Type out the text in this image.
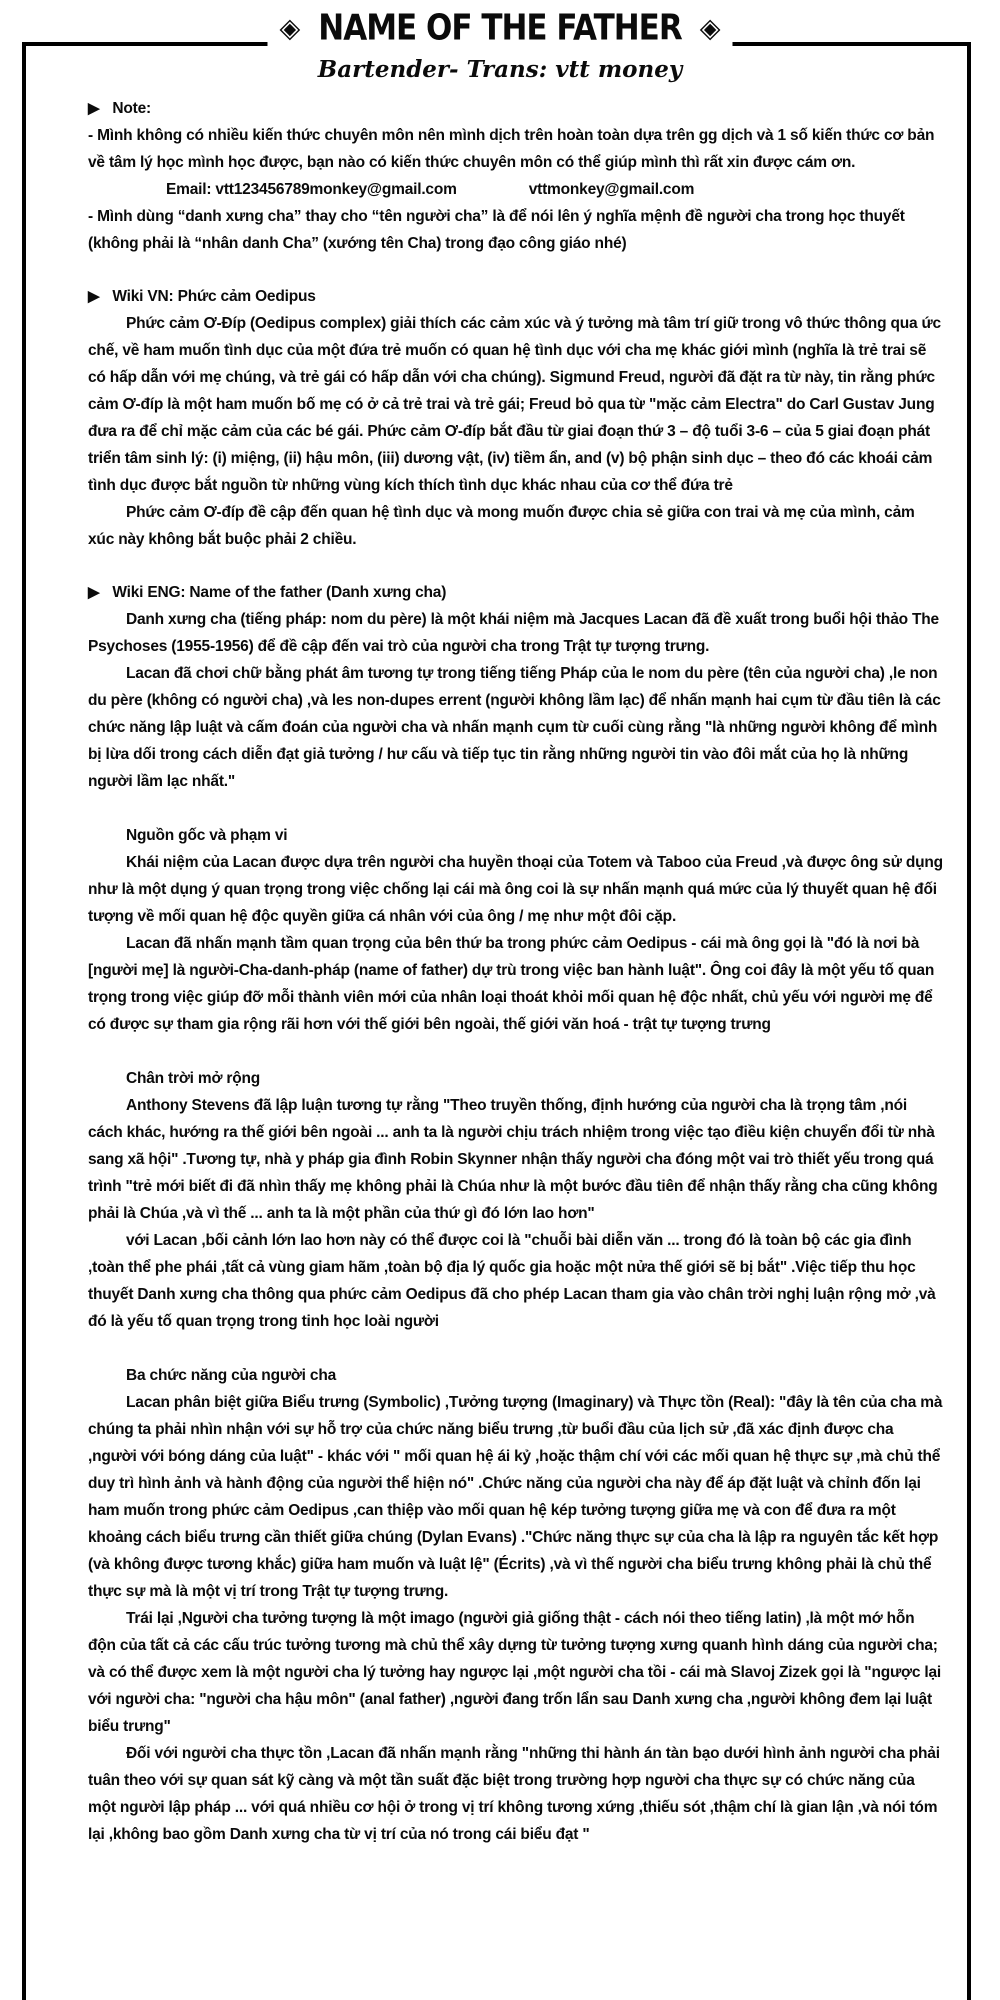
◈ NAME OF THE FATHER ◈
Bartender- Trans: vtt money
▶ Note:

- Mình không có nhiều kiến thức chuyên môn nên mình dịch trên hoàn toàn dựa trên gg dịch và 1 số kiến thức cơ bản về tâm lý học mình học được, bạn nào có kiến thức chuyên môn có thể giúp mình thì rất xin được cám ơn.

Email: vtt123456789monkey@gmail.com	vttmonkey@gmail.com

- Mình dùng “danh xưng cha” thay cho “tên người cha” là để nói lên ý nghĩa mệnh đề người cha trong học thuyết (không phải là “nhân danh Cha” (xướng tên Cha) trong đạo công giáo nhé)

▶ Wiki VN: Phức cảm Oedipus

Phức cảm Ơ-Đíp (Oedipus complex) giải thích các cảm xúc và ý tưởng mà tâm trí giữ trong vô thức thông qua ức chế, về ham muốn tình dục của một đứa trẻ muốn có quan hệ tình dục với cha mẹ khác giới mình (nghĩa là trẻ trai sẽ có hấp dẫn với mẹ chúng, và trẻ gái có hấp dẫn với cha chúng). Sigmund Freud, người đã đặt ra từ này, tin rằng phức cảm Ơ-đíp là một ham muốn bố mẹ có ở cả trẻ trai và trẻ gái; Freud bỏ qua từ "mặc cảm Electra" do Carl Gustav Jung đưa ra để chỉ mặc cảm của các bé gái. Phức cảm Ơ-đíp bắt đầu từ giai đoạn thứ 3 – độ tuổi 3-6 – của 5 giai đoạn phát triển tâm sinh lý: (i) miệng, (ii) hậu môn, (iii) dương vật, (iv) tiềm ẩn, and (v) bộ phận sinh dục – theo đó các khoái cảm tình dục được bắt nguồn từ những vùng kích thích tình dục khác nhau của cơ thể đứa trẻ

Phức cảm Ơ-đíp đề cập đến quan hệ tình dục và mong muốn được chia sẻ giữa con trai và mẹ của mình, cảm xúc này không bắt buộc phải 2 chiều.

▶ Wiki ENG: Name of the father (Danh xưng cha)

Danh xưng cha (tiếng pháp: nom du père) là một khái niệm mà Jacques Lacan đã đề xuất trong buổi hội thảo The Psychoses (1955-1956) để đề cập đến vai trò của người cha trong Trật tự tượng trưng.

Lacan đã chơi chữ bằng phát âm tương tự trong tiếng tiếng Pháp của le nom du père (tên của người cha) ,le non du père (không có người cha) ,và les non-dupes errent (người không lầm lạc) để nhấn mạnh hai cụm từ đầu tiên là các chức năng lập luật và cấm đoán của người cha và nhấn mạnh cụm từ cuối cùng rằng "là những người không để mình bị lừa dối trong cách diễn đạt giả tưởng / hư cấu và tiếp tục tin rằng những người tin vào đôi mắt của họ là những người lầm lạc nhất."

Nguồn gốc và phạm vi

Khái niệm của Lacan được dựa trên người cha huyền thoại của Totem và Taboo của Freud ,và được ông sử dụng như là một dụng ý quan trọng trong việc chống lại cái mà ông coi là sự nhấn mạnh quá mức của lý thuyết quan hệ đối tượng về mối quan hệ độc quyền giữa cá nhân với của ông / mẹ như một đôi cặp.

Lacan đã nhấn mạnh tầm quan trọng của bên thứ ba trong phức cảm Oedipus - cái mà ông gọi là "đó là nơi bà [người mẹ] là người-Cha-danh-pháp (name of father) dự trù trong việc ban hành luật". Ông coi đây là một yếu tố quan trọng trong việc giúp đỡ mỗi thành viên mới của nhân loại thoát khỏi mối quan hệ độc nhất, chủ yếu với người mẹ để có được sự tham gia rộng rãi hơn với thế giới bên ngoài, thế giới văn hoá - trật tự tượng trưng

Chân trời mở rộng

Anthony Stevens đã lập luận tương tự rằng "Theo truyền thống, định hướng của người cha là trọng tâm ,nói cách khác, hướng ra thế giới bên ngoài ... anh ta là người chịu trách nhiệm trong việc tạo điều kiện chuyển đổi từ nhà sang xã hội" .Tương tự, nhà y pháp gia đình Robin Skynner nhận thấy người cha đóng một vai trò thiết yếu trong quá trình "trẻ mới biết đi đã nhìn thấy mẹ không phải là Chúa như là một bước đầu tiên để nhận thấy rằng cha cũng không phải là Chúa ,và vì thế ... anh ta là một phần của thứ gì đó lớn lao hơn"

với Lacan ,bối cảnh lớn lao hơn này có thể được coi là "chuỗi bài diễn văn ... trong đó là toàn bộ các gia đình ,toàn thể phe phái ,tất cả vùng giam hãm ,toàn bộ địa lý quốc gia hoặc một nửa thế giới sẽ bị bắt" .Việc tiếp thu học thuyết Danh xưng cha thông qua phức cảm Oedipus đã cho phép Lacan tham gia vào chân trời nghị luận rộng mở ,và đó là yếu tố quan trọng trong tinh học loài người

Ba chức năng của người cha

Lacan phân biệt giữa Biểu trưng (Symbolic) ,Tưởng tượng (Imaginary) và Thực tồn (Real): "đây là tên của cha mà chúng ta phải nhìn nhận với sự hỗ trợ của chức năng biểu trưng ,từ buổi đầu của lịch sử ,đã xác định được cha ,người với bóng dáng của luật" - khác với " mối quan hệ ái kỷ ,hoặc thậm chí với các mối quan hệ thực sự ,mà chủ thể duy trì hình ảnh và hành động của người thể hiện nó" .Chức năng của người cha này để áp đặt luật và chỉnh đốn lại ham muốn trong phức cảm Oedipus ,can thiệp vào mối quan hệ kép tưởng tượng giữa mẹ và con để đưa ra một khoảng cách biểu trưng cần thiết giữa chúng (Dylan Evans) ."Chức năng thực sự của cha là lập ra nguyên tắc kết hợp (và không được tương khắc) giữa ham muốn và luật lệ" (Écrits) ,và vì thế người cha biểu trưng không phải là chủ thể thực sự mà là một vị trí trong Trật tự tượng trưng.

Trái lại ,Người cha tưởng tượng là một imago (người giả giống thật - cách nói theo tiếng latin) ,là một mớ hỗn độn của tất cả các cấu trúc tưởng tương mà chủ thể xây dựng từ tưởng tượng xưng quanh hình dáng của người cha; và có thể được xem là một người cha lý tưởng hay ngược lại ,một người cha tồi - cái mà Slavoj Zizek gọi là "ngược lại với người cha: "người cha hậu môn" (anal father) ,người đang trốn lẩn sau Danh xưng cha ,người không đem lại luật biểu trưng"

Đối với người cha thực tồn ,Lacan đã nhấn mạnh rằng "những thi hành án tàn bạo dưới hình ảnh người cha phải tuân theo với sự quan sát kỹ càng và một tần suất đặc biệt trong trường hợp người cha thực sự có chức năng của một người lập pháp ... với quá nhiều cơ hội ở trong vị trí không tương xứng ,thiếu sót ,thậm chí là gian lận ,và nói tóm lại ,không bao gồm Danh xưng cha từ vị trí của nó trong cái biểu đạt "
